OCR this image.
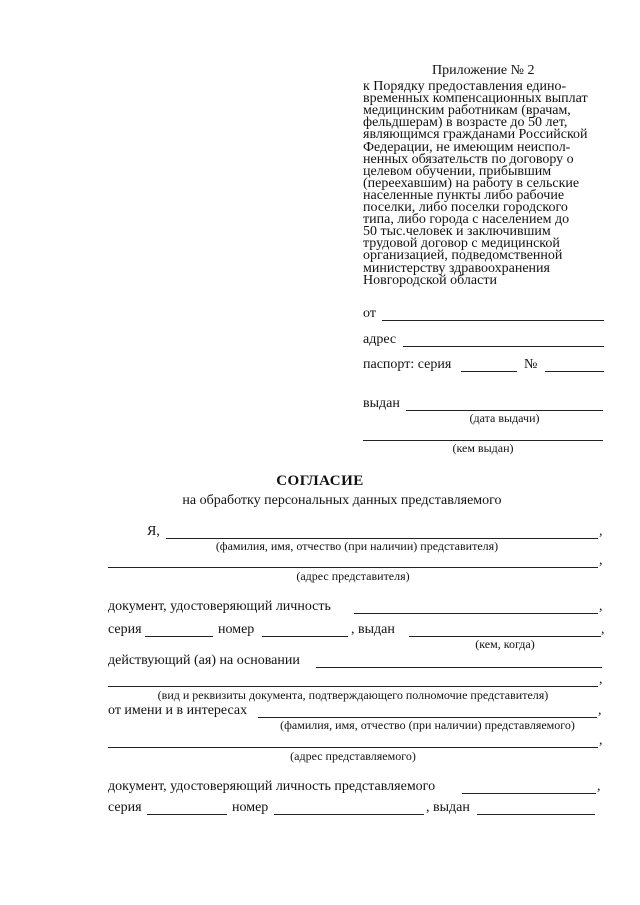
Приложение № 2
к Порядку предоставления едино-
временных компенсационных выплат
медицинским работникам (врачам,
фельдшерам) в возрасте до 50 лет,
являющимся гражданами Российской
Федерации, не имеющим неиспол-
ненных обязательств по договору о
целевом обучении, прибывшим
(переехавшим) на работу в сельские
населенные пункты либо рабочие
поселки, либо поселки городского
типа, либо города с населением до
50 тыс.человек и заключившим
трудовой договор с медицинской
организацией, подведомственной
министерству здравоохранения
Новгородской области
от
адрес
паспорт: серия	№
выдан
(дата выдачи)
(кем выдан)
СОГЛАСИЕ
на обработку персональных данных представляемого
Я,	,
(фамилия, имя, отчество (при наличии) представителя)
,
(адрес представителя)
документ, удостоверяющий личность	,
серия	номер	, выдан	,
(кем, когда)
действующий (ая) на основании
,
(вид и реквизиты документа, подтверждающего полномочие представителя)
от имени и в интересах	,
(фамилия, имя, отчество (при наличии) представляемого)
,
(адрес представляемого)
документ, удостоверяющий личность представляемого	,
серия	номер	, выдан
